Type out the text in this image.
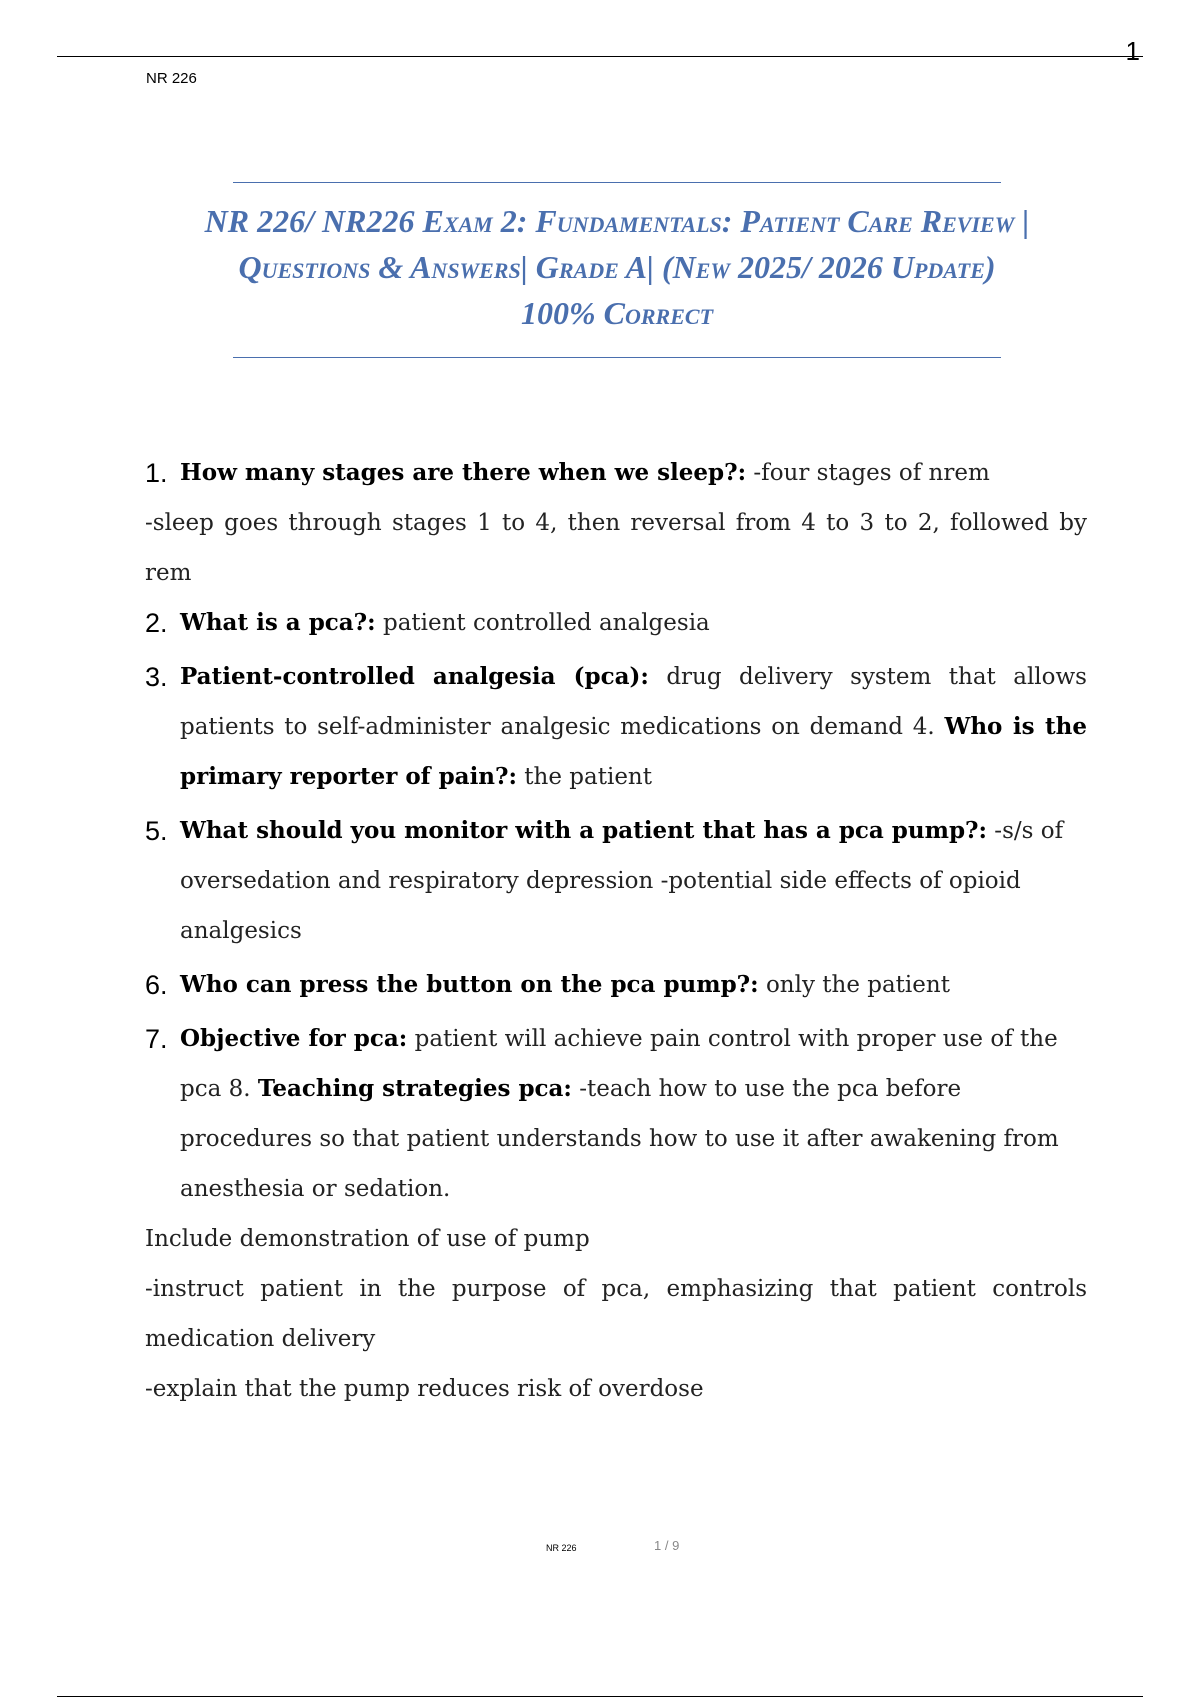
1
NR 226
NR 226/ NR226 Exam 2: Fundamentals: Patient Care Review | Questions & Answers| Grade A| (New 2025/ 2026 Update) 100% Correct
1. How many stages are there when we sleep?: -four stages of nrem
-sleep goes through stages 1 to 4, then reversal from 4 to 3 to 2, followed by rem
2. What is a pca?: patient controlled analgesia
3. Patient-controlled analgesia (pca): drug delivery system that allows patients to self-administer analgesic medications on demand 4. Who is the primary reporter of pain?: the patient
5. What should you monitor with a patient that has a pca pump?: -s/s of oversedation and respiratory depression -potential side effects of opioid analgesics
6. Who can press the button on the pca pump?: only the patient
7. Objective for pca: patient will achieve pain control with proper use of the pca 8. Teaching strategies pca: -teach how to use the pca before procedures so that patient understands how to use it after awakening from anesthesia or sedation.
Include demonstration of use of pump
-instruct patient in the purpose of pca, emphasizing that patient controls medication delivery
-explain that the pump reduces risk of overdose
NR 226	1 / 9
